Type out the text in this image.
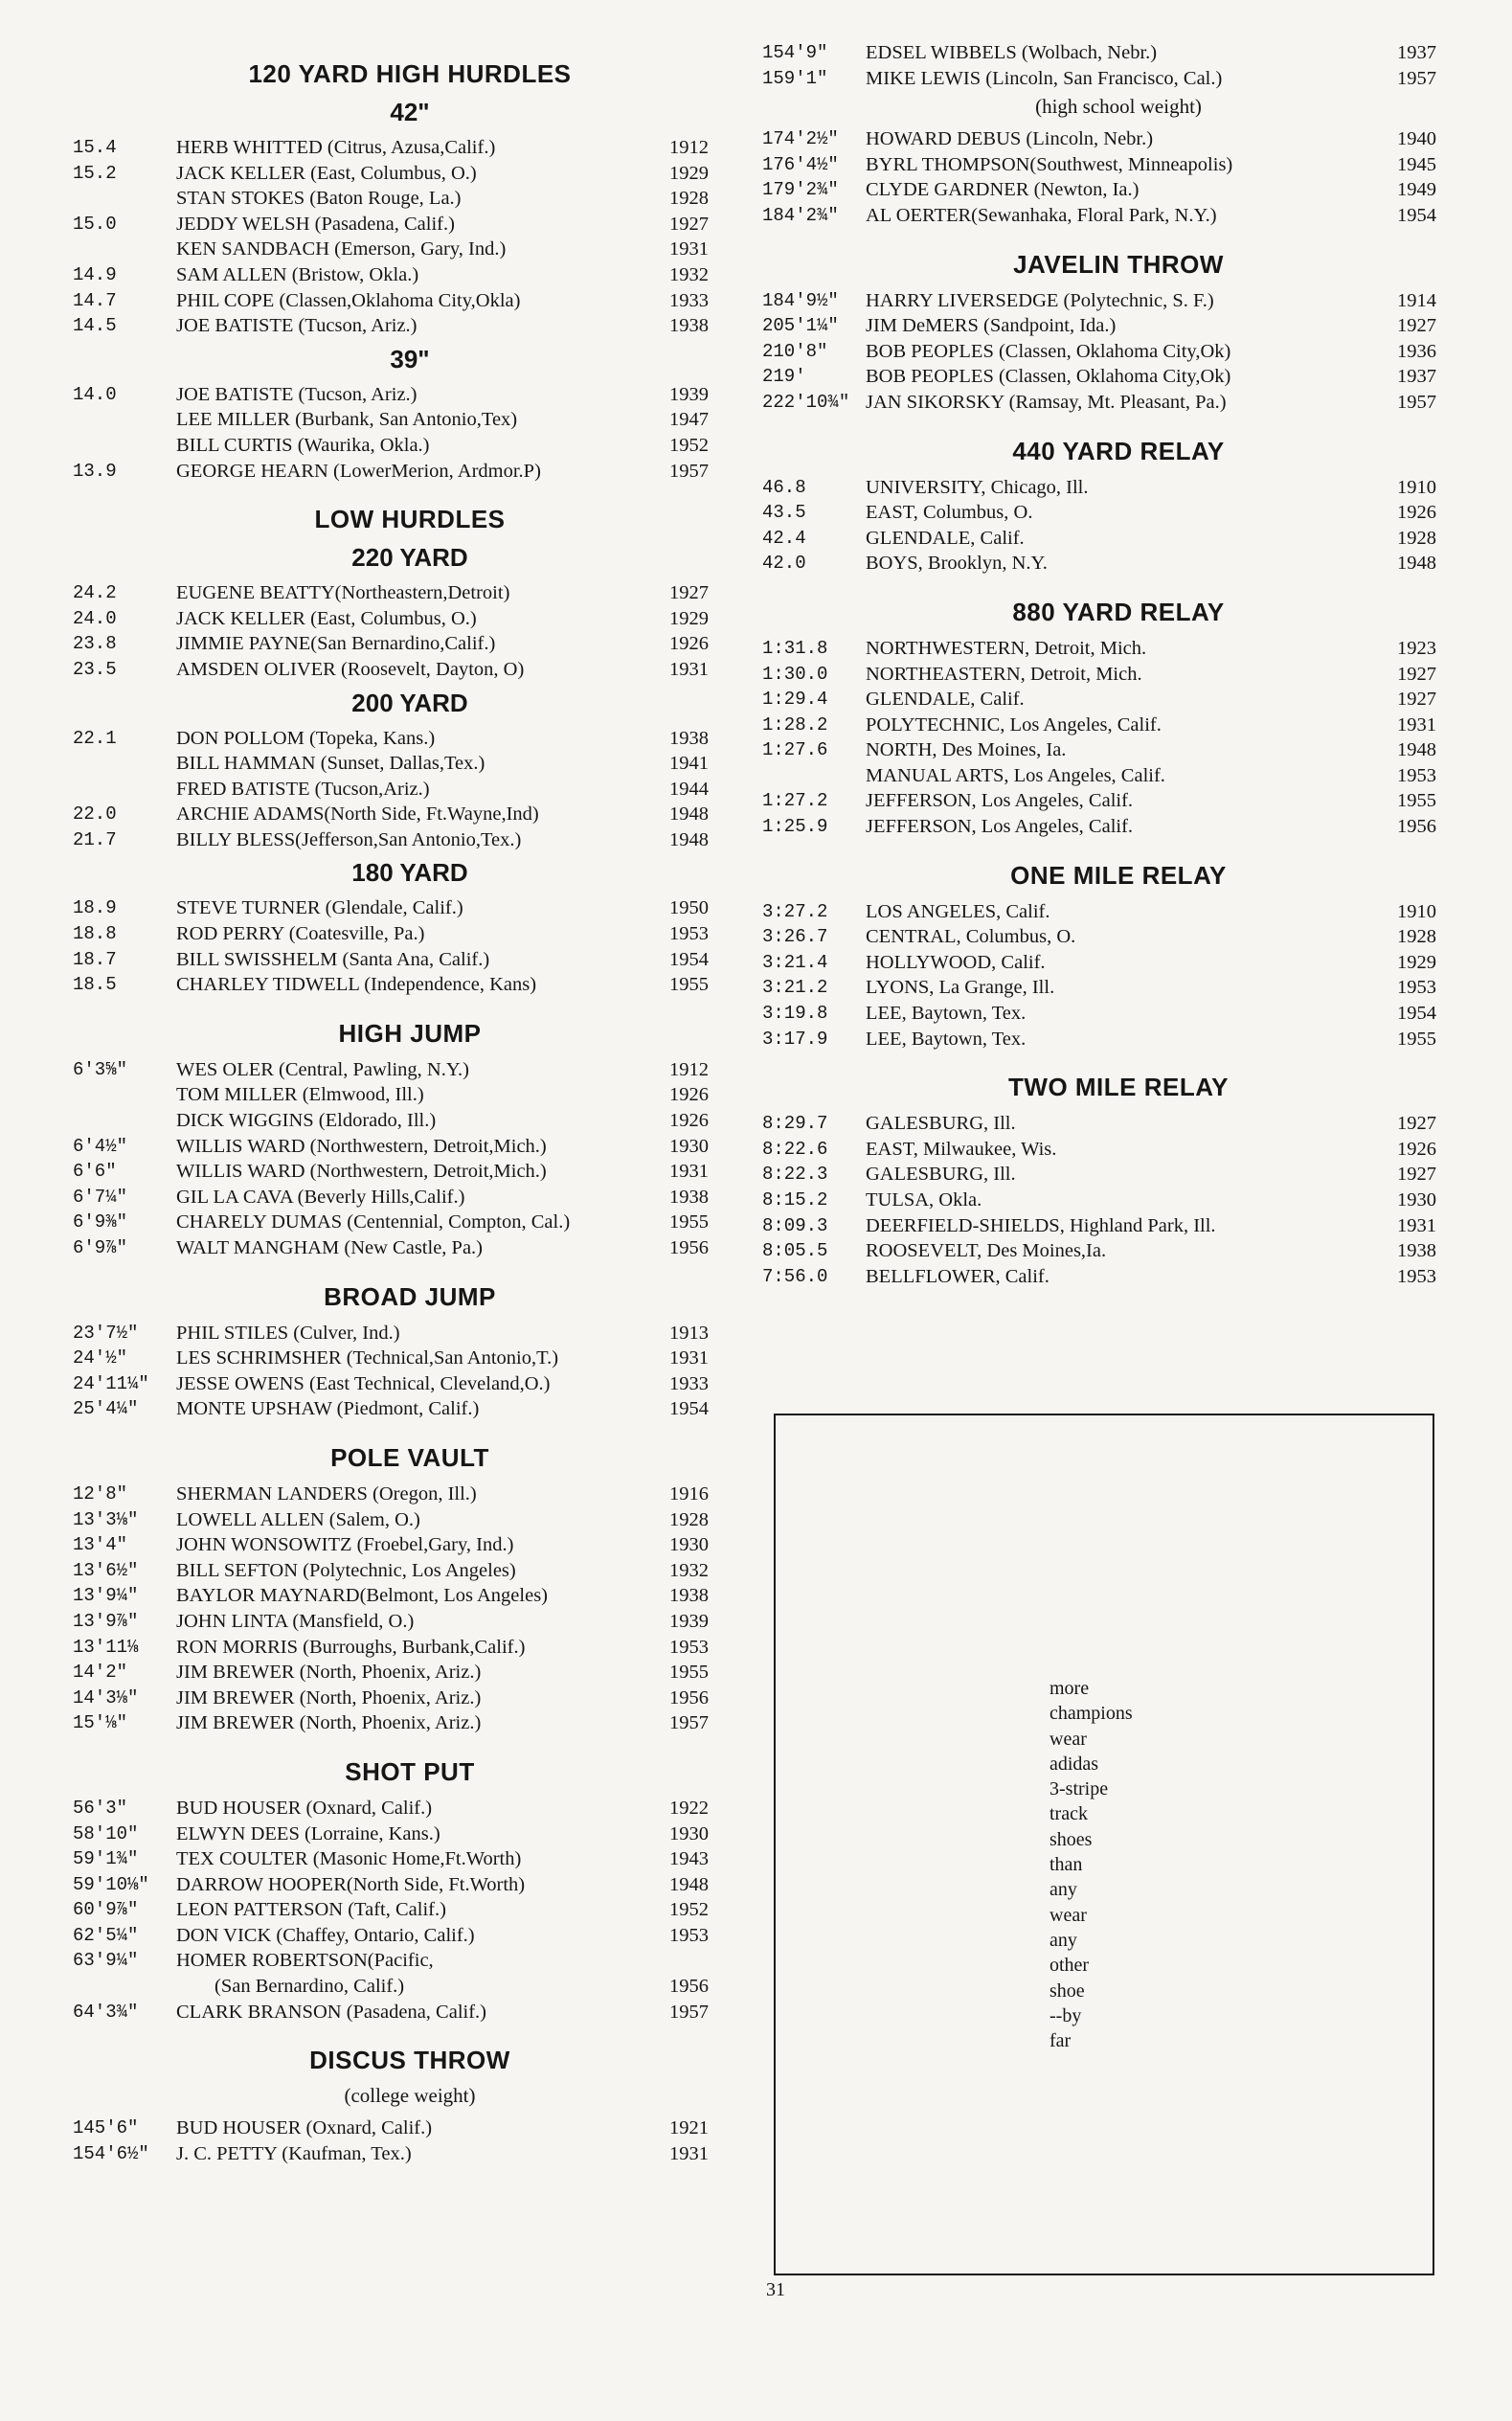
120 YARD HIGH HURDLES
42"
15.4	HERB WHITTED (Citrus, Azusa,Calif.)	1912
15.2	JACK KELLER (East, Columbus, O.)	1929
STAN STOKES (Baton Rouge, La.)	1928
15.0	JEDDY WELSH (Pasadena, Calif.)	1927
KEN SANDBACH (Emerson, Gary, Ind.)	1931
14.9	SAM ALLEN (Bristow, Okla.)	1932
14.7	PHIL COPE (Classen,Oklahoma City,Okla)	1933
14.5	JOE BATISTE (Tucson, Ariz.)	1938
39"
14.0	JOE BATISTE (Tucson, Ariz.)	1939
LEE MILLER (Burbank, San Antonio,Tex)	1947
BILL CURTIS (Waurika, Okla.)	1952
13.9	GEORGE HEARN (LowerMerion, Ardmor.P)	1957
LOW HURDLES
220 YARD
24.2	EUGENE BEATTY(Northeastern,Detroit)	1927
24.0	JACK KELLER (East, Columbus, O.)	1929
23.8	JIMMIE PAYNE(San Bernardino,Calif.)	1926
23.5	AMSDEN OLIVER (Roosevelt, Dayton, O)	1931
200 YARD
22.1	DON POLLOM (Topeka, Kans.)	1938
BILL HAMMAN (Sunset, Dallas,Tex.)	1941
FRED BATISTE (Tucson,Ariz.)	1944
22.0	ARCHIE ADAMS(North Side, Ft.Wayne,Ind)	1948
21.7	BILLY BLESS(Jefferson,San Antonio,Tex.)	1948
180 YARD
18.9	STEVE TURNER (Glendale, Calif.)	1950
18.8	ROD PERRY (Coatesville, Pa.)	1953
18.7	BILL SWISSHELM (Santa Ana, Calif.)	1954
18.5	CHARLEY TIDWELL (Independence, Kans)	1955
HIGH JUMP
6'3⅝"	WES OLER (Central, Pawling, N.Y.)	1912
TOM MILLER (Elmwood, Ill.)	1926
DICK WIGGINS (Eldorado, Ill.)	1926
6'4½"	WILLIS WARD (Northwestern, Detroit,Mich.)	1930
6'6"	WILLIS WARD (Northwestern, Detroit,Mich.)	1931
6'7¼"	GIL LA CAVA (Beverly Hills,Calif.)	1938
6'9⅜"	CHARELY DUMAS (Centennial, Compton, Cal.)	1955
6'9⅞"	WALT MANGHAM (New Castle, Pa.)	1956
BROAD JUMP
23'7½"	PHIL STILES (Culver, Ind.)	1913
24'½"	LES SCHRIMSHER (Technical,San Antonio,T.)	1931
24'11¼"	JESSE OWENS (East Technical, Cleveland,O.)	1933
25'4¼"	MONTE UPSHAW (Piedmont, Calif.)	1954
POLE VAULT
12'8"	SHERMAN LANDERS (Oregon, Ill.)	1916
13'3⅛"	LOWELL ALLEN (Salem, O.)	1928
13'4"	JOHN WONSOWITZ (Froebel,Gary, Ind.)	1930
13'6½"	BILL SEFTON (Polytechnic, Los Angeles)	1932
13'9¼"	BAYLOR MAYNARD(Belmont, Los Angeles)	1938
13'9⅞"	JOHN LINTA (Mansfield, O.)	1939
13'11⅛	RON MORRIS (Burroughs, Burbank,Calif.)	1953
14'2"	JIM BREWER (North, Phoenix, Ariz.)	1955
14'3⅛"	JIM BREWER (North, Phoenix, Ariz.)	1956
15'⅛"	JIM BREWER (North, Phoenix, Ariz.)	1957
SHOT PUT
56'3"	BUD HOUSER (Oxnard, Calif.)	1922
58'10"	ELWYN DEES (Lorraine, Kans.)	1930
59'1¾"	TEX COULTER (Masonic Home,Ft.Worth)	1943
59'10⅛"	DARROW HOOPER(North Side, Ft.Worth)	1948
60'9⅞"	LEON PATTERSON (Taft, Calif.)	1952
62'5¼"	DON VICK (Chaffey, Ontario, Calif.)	1953
63'9¼"	HOMER ROBERTSON(Pacific,
(San Bernardino, Calif.)	1956
64'3¾"	CLARK BRANSON (Pasadena, Calif.)	1957
DISCUS THROW
(college weight)
145'6"	BUD HOUSER (Oxnard, Calif.)	1921
154'6½"	J. C. PETTY (Kaufman, Tex.)	1931
154'9"	EDSEL WIBBELS (Wolbach, Nebr.)	1937
159'1"	MIKE LEWIS (Lincoln, San Francisco, Cal.)	1957
(high school weight)
174'2½"	HOWARD DEBUS (Lincoln, Nebr.)	1940
176'4½"	BYRL THOMPSON(Southwest, Minneapolis)	1945
179'2¾"	CLYDE GARDNER (Newton, Ia.)	1949
184'2¾"	AL OERTER(Sewanhaka, Floral Park, N.Y.)	1954
JAVELIN THROW
184'9½"	HARRY LIVERSEDGE (Polytechnic, S. F.)	1914
205'1¼"	JIM DeMERS (Sandpoint, Ida.)	1927
210'8"	BOB PEOPLES (Classen, Oklahoma City,Ok)	1936
219'	BOB PEOPLES (Classen, Oklahoma City,Ok)	1937
222'10¾" JAN SIKORSKY (Ramsay, Mt. Pleasant, Pa.)	1957
440 YARD RELAY
46.8	UNIVERSITY, Chicago, Ill.	1910
43.5	EAST, Columbus, O.	1926
42.4	GLENDALE, Calif.	1928
42.0	BOYS, Brooklyn, N.Y.	1948
880 YARD RELAY
1:31.8	NORTHWESTERN, Detroit, Mich.	1923
1:30.0	NORTHEASTERN, Detroit, Mich.	1927
1:29.4	GLENDALE, Calif.	1927
1:28.2	POLYTECHNIC, Los Angeles, Calif.	1931
1:27.6	NORTH, Des Moines, Ia.	1948
MANUAL ARTS, Los Angeles, Calif.	1953
1:27.2	JEFFERSON, Los Angeles, Calif.	1955
1:25.9	JEFFERSON, Los Angeles, Calif.	1956
ONE MILE RELAY
3:27.2	LOS ANGELES, Calif.	1910
3:26.7	CENTRAL, Columbus, O.	1928
3:21.4	HOLLYWOOD, Calif.	1929
3:21.2	LYONS, La Grange, Ill.	1953
3:19.8	LEE, Baytown, Tex.	1954
3:17.9	LEE, Baytown, Tex.	1955
TWO MILE RELAY
8:29.7	GALESBURG, Ill.	1927
8:22.6	EAST, Milwaukee, Wis.	1926
8:22.3	GALESBURG, Ill.	1927
8:15.2	TULSA, Okla.	1930
8:09.3	DEERFIELD-SHIELDS, Highland Park, Ill.	1931
8:05.5	ROOSEVELT, Des Moines,Ia.	1938
7:56.0	BELLFLOWER, Calif.	1953
more
champions
wear
adidas
3-stripe
track
shoes
than
any
wear
any
other
shoe
--by
far
31
